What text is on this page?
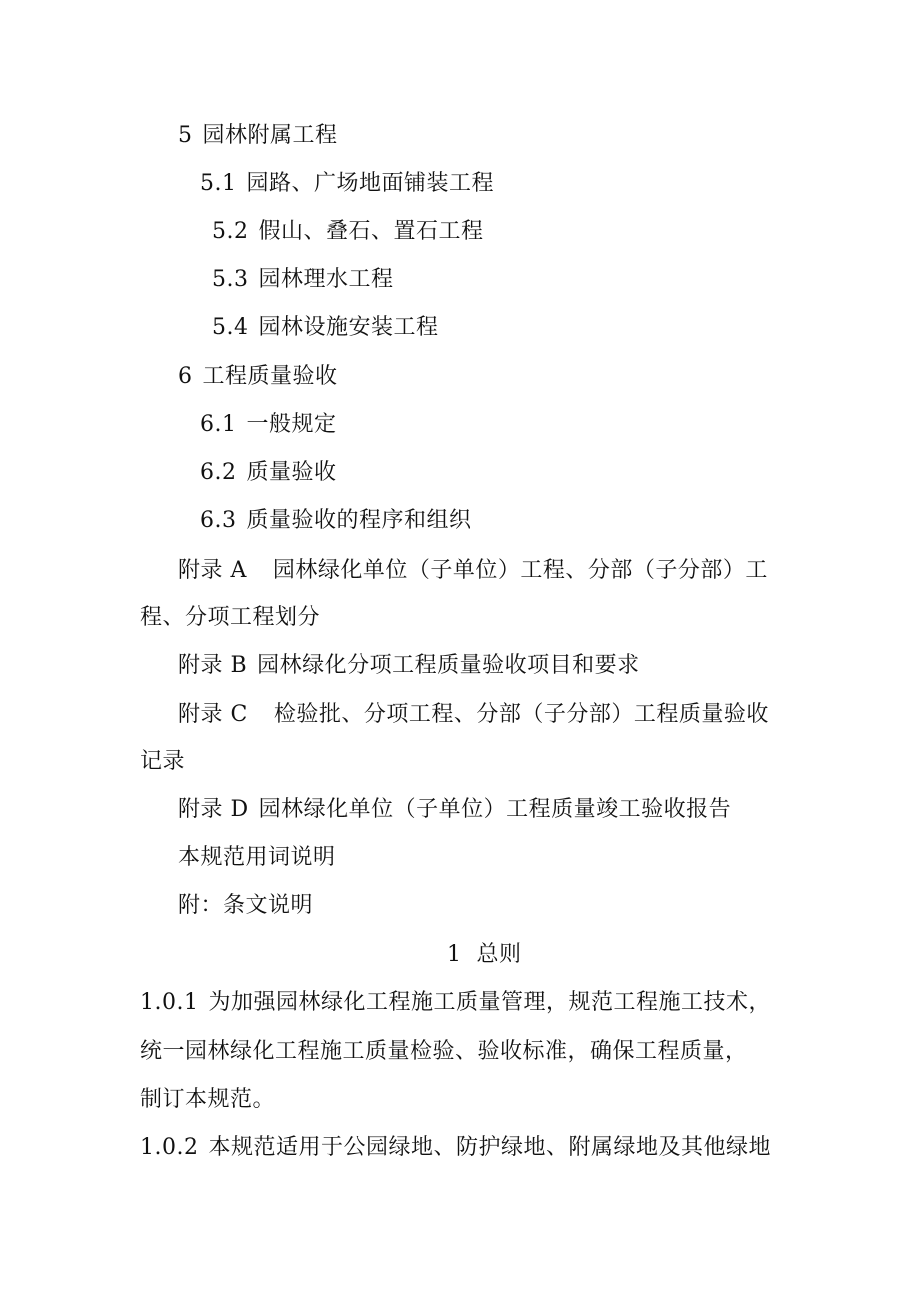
5 园林附属工程
5.1 园路、广场地面铺装工程
5.2 假山、叠石、置石工程
5.3 园林理水工程
5.4 园林设施安装工程
6 工程质量验收
6.1 一般规定
6.2 质量验收
6.3 质量验收的程序和组织
附录 A 园林绿化单位（子单位）工程、分部（子分部）工
程、分项工程划分
附录 B 园林绿化分项工程质量验收项目和要求
附录 C 检验批、分项工程、分部（子分部）工程质量验收
记录
附录 D 园林绿化单位（子单位）工程质量竣工验收报告
本规范用词说明
附：条文说明
1  总则
1.0.1 为加强园林绿化工程施工质量管理，规范工程施工技术，
统一园林绿化工程施工质量检验、验收标准，确保工程质量，
制订本规范。
1.0.2 本规范适用于公园绿地、防护绿地、附属绿地及其他绿地
